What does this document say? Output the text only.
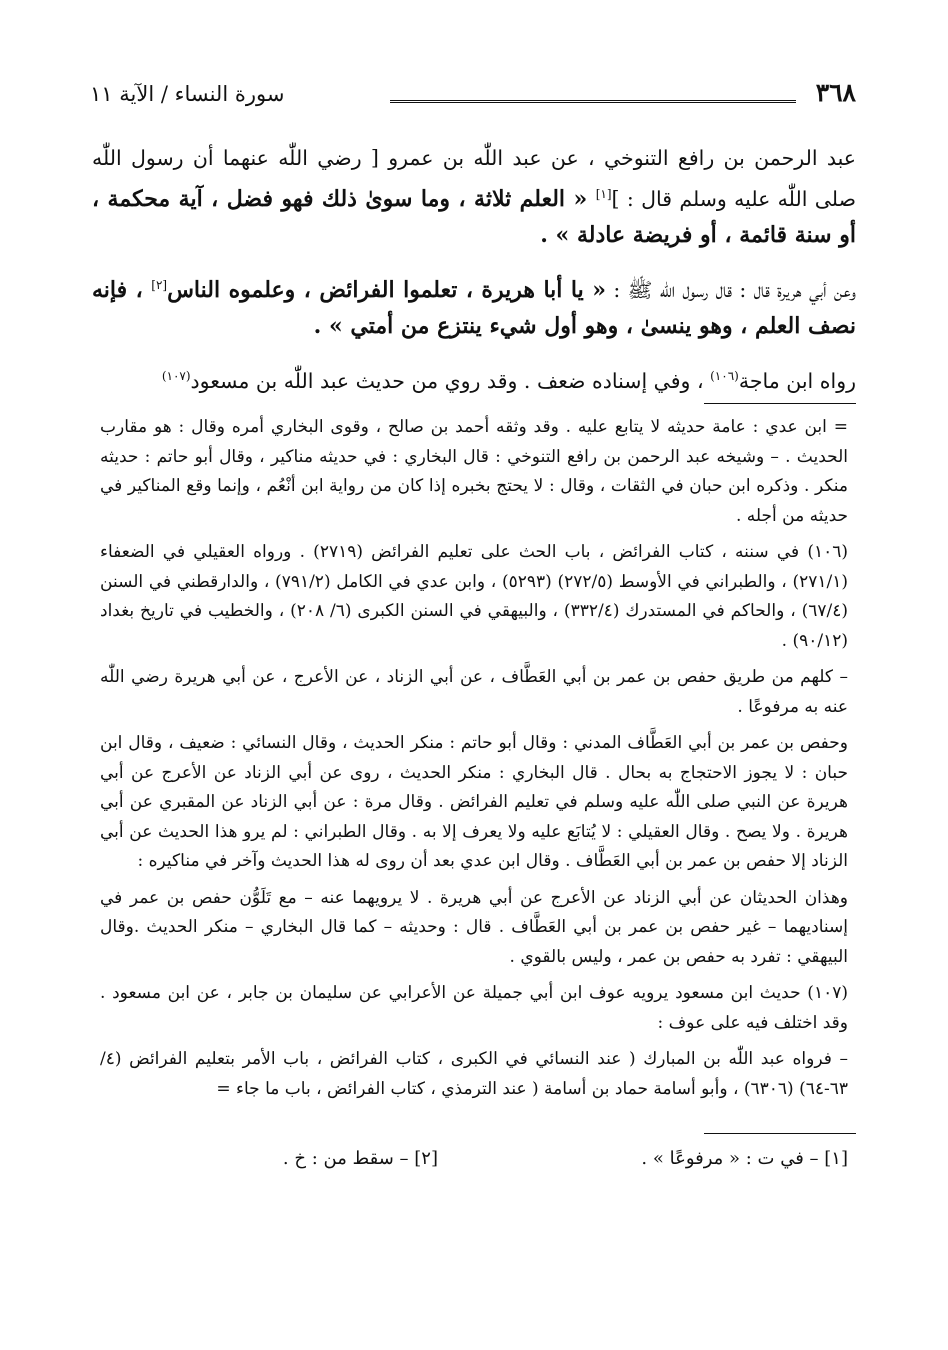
٣٦٨
سورة النساء / الآية ١١

عبد الرحمن بن رافع التنوخي ، عن عبد اللّٰه بن عمرو [ رضي اللّٰه عنهما أن رسول اللّٰه صلى اللّٰه عليه وسلم قال : ][١] « العلم ثلاثة ، وما سوىٰ ذلك فهو فضل ، آية محكمة ، أو سنة قائمة ، أو فريضة عادلة » .

وعن أبي هريرة قال : قال رسول اللّٰه ﷺ : « يا أبا هريرة ، تعلموا الفرائض ، وعلموه الناس[٢] ، فإنه نصف العلم ، وهو ينسىٰ ، وهو أول شيء ينتزع من أمتي » .

رواه ابن ماجة$^{(١٠٦)}$ ، وفي إسناده ضعف . وقد روي من حديث عبد اللّٰه بن مسعود$^{(١٠٧)}$

= ابن عدي : عامة حديثه لا يتابع عليه . وقد وثقه أحمد بن صالح ، وقوى البخاري أمره وقال : هو مقارب الحديث . – وشيخه عبد الرحمن بن رافع التنوخي : قال البخاري : في حديثه مناكير ، وقال أبو حاتم : حديثه منكر . وذكره ابن حبان في الثقات ، وقال : لا يحتج بخبره إذا كان من رواية ابن أنْعُم ، وإنما وقع المناكير في حديثه من أجله .

(١٠٦) في سننه ، كتاب الفرائض ، باب الحث على تعليم الفرائض (٢٧١٩) . ورواه العقيلي في الضعفاء (٢٧١/١) ، والطبراني في الأوسط (٢٧٢/٥) (٥٢٩٣) ، وابن عدي في الكامل (٧٩١/٢) ، والدارقطني في السنن (٦٧/٤) ، والحاكم في المستدرك (٣٣٢/٤) ، والبيهقي في السنن الكبرى (٦/ ٢٠٨) ، والخطيب في تاريخ بغداد (٩٠/١٢) .

– كلهم من طريق حفص بن عمر بن أبي العَطَّاف ، عن أبي الزناد ، عن الأعرج ، عن أبي هريرة رضي اللّٰه عنه به مرفوعًا .

وحفص بن عمر بن أبي العَطَّاف المدني : وقال أبو حاتم : منكر الحديث ، وقال النسائي : ضعيف ، وقال ابن حبان : لا يجوز الاحتجاج به بحال . قال البخاري : منكر الحديث ، روى عن أبي الزناد عن الأعرج عن أبي هريرة عن النبي صلى اللّٰه عليه وسلم في تعليم الفرائض . وقال مرة : عن أبي الزناد عن المقبري عن أبي هريرة . ولا يصح . وقال العقيلي : لا يُتابَع عليه ولا يعرف إلا به . وقال الطبراني : لم يرو هذا الحديث عن أبي الزناد إلا حفص بن عمر بن أبي العَطَّاف . وقال ابن عدي بعد أن روى له هذا الحديث وآخر في مناكيره :

وهذان الحديثان عن أبي الزناد عن الأعرج عن أبي هريرة . لا يرويهما عنه – مع تَلَوُّن حفص بن عمر في إسناديهما – غير حفص بن عمر بن أبي العَطَّاف . قال : وحديثه – كما قال البخاري – منكر الحديث .وقال البيهقي : تفرد به حفص بن عمر ، وليس بالقوي .

(١٠٧) حديث ابن مسعود يرويه عوف ابن أبي جميلة عن الأعرابي عن سليمان بن جابر ، عن ابن مسعود . وقد اختلف فيه على عوف :

– فرواه عبد اللّٰه بن المبارك ( عند النسائي في الكبرى ، كتاب الفرائض ، باب الأمر بتعليم الفرائض (٤/ ٦٣-٦٤) (٦٣٠٦) ، وأبو أسامة حماد بن أسامة ( عند الترمذي ، كتاب الفرائض ، باب ما جاء =

[١] – في ت : « مرفوعًا » .
[٢] – سقط من : خ .
